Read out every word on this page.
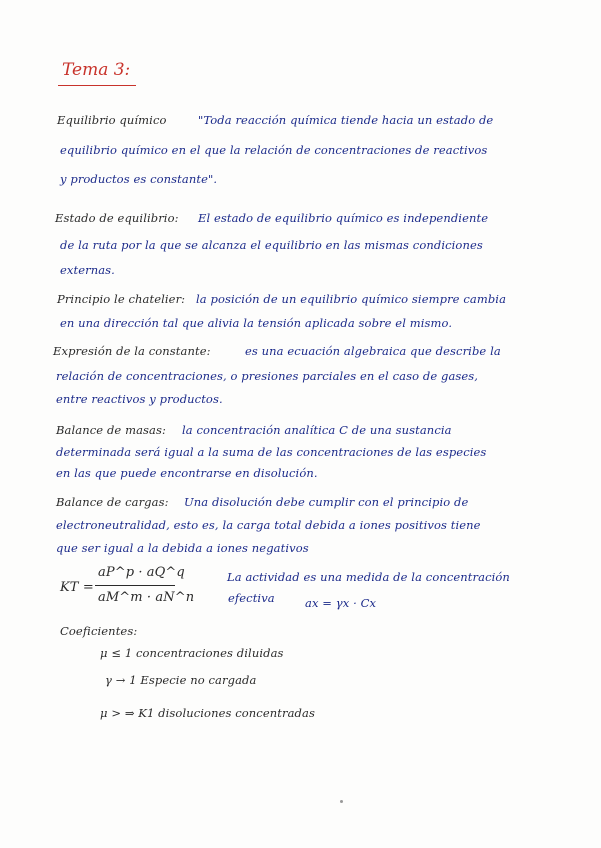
Tema 3:
Equilibrio químico	"Toda reacción química tiende hacia un estado de
equilibrio químico en el que la relación de concentraciones de reactivos
y productos es constante".
Estado de equilibrio: El estado de equilibrio químico es independiente
de la ruta por la que se alcanza el equilibrio en las mismas condiciones
externas.
Principio le chatelier: la posición de un equilibrio químico siempre cambia
en una dirección tal que alivia la tensión aplicada sobre el mismo.
Expresión de la constante:	es una ecuación algebraica que describe la
relación de concentraciones, o presiones parciales en el caso de gases,
entre reactivos y productos.
Balance de masas: la concentración analítica C de una sustancia
determinada será igual a la suma de las concentraciones de las especies
en las que puede encontrarse en disolución.
Balance de cargas: Una disolución debe cumplir con el principio de
electroneutralidad, esto es, la carga total debida a iones positivos tiene
que ser igual a la debida a iones negativos
KT =
aP^p · aQ^q
aM^m · aN^n
La actividad es una medida de la concentración
efectiva	ax = γx · Cx
Coeficientes:
μ ≤ 1 concentraciones diluidas
γ → 1 Especie no cargada
μ > ⇒ K1 disoluciones concentradas
